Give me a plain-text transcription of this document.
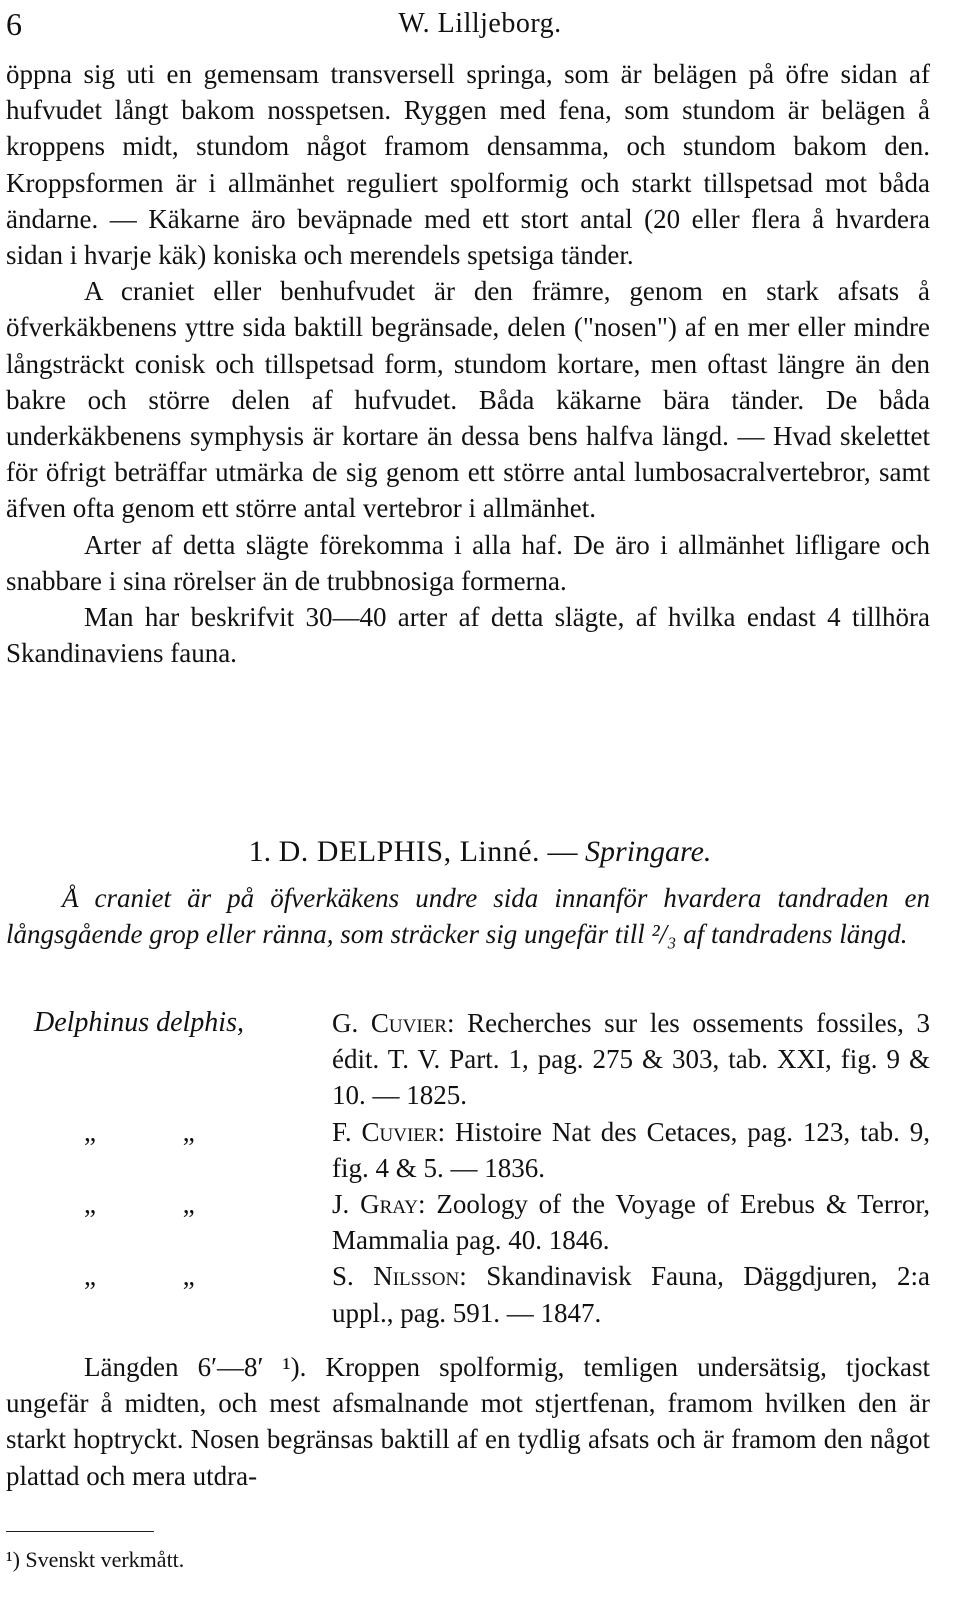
6	W. Lilljeborg.

öppna sig uti en gemensam transversell springa, som är belägen på öfre sidan af hufvudet långt bakom nosspetsen. Ryggen med fena, som stundom är belägen å kroppens midt, stundom något framom densamma, och stundom bakom den. Kroppsformen är i allmänhet reguliert spolformig och starkt tillspetsad mot båda ändarne. — Käkarne äro beväpnade med ett stort antal (20 eller flera å hvardera sidan i hvarje käk) koniska och merendels spetsiga tänder.

A craniet eller benhufvudet är den främre, genom en stark afsats å öfverkäkbenens yttre sida baktill begränsade, delen ("nosen") af en mer eller mindre långsträckt conisk och tillspetsad form, stundom kortare, men oftast längre än den bakre och större delen af hufvudet. Båda käkarne bära tänder. De båda underkäkbenens symphysis är kortare än dessa bens halfva längd. — Hvad skelettet för öfrigt beträffar utmärka de sig genom ett större antal lumbosacralvertebror, samt äfven ofta genom ett större antal vertebror i allmänhet.

Arter af detta slägte förekomma i alla haf. De äro i allmänhet lifligare och snabbare i sina rörelser än de trubbnosiga formerna.

Man har beskrifvit 30—40 arter af detta slägte, af hvilka endast 4 tillhöra Skandinaviens fauna.

1. D. DELPHIS, Linné. — Springare.
Å craniet är på öfverkäkens undre sida innanför hvardera tandraden en långsgående grop eller ränna, som sträcker sig ungefär till ²/₃ af tandradens längd.
Delphinus delphis,	G. Cuvier: Recherches sur les ossements fossiles, 3 édit. T. V. Part. 1, pag. 275 & 303, tab. XXI, fig. 9 & 10. — 1825.
„ „	F. Cuvier: Histoire Nat des Cetaces, pag. 123, tab. 9, fig. 4 & 5. — 1836.
„ „	J. Gray: Zoology of the Voyage of Erebus & Terror, Mammalia pag. 40. 1846.
„ „	S. Nilsson: Skandinavisk Fauna, Däggdjuren, 2:a uppl., pag. 591. — 1847.

Längden 6′—8′ ¹). Kroppen spolformig, temligen undersätsig, tjockast ungefär å midten, och mest afsmalnande mot stjertfenan, framom hvilken den är starkt hoptryckt. Nosen begränsas baktill af en tydlig afsats och är framom den något plattad och mera utdra-

¹) Svenskt verkmått.
